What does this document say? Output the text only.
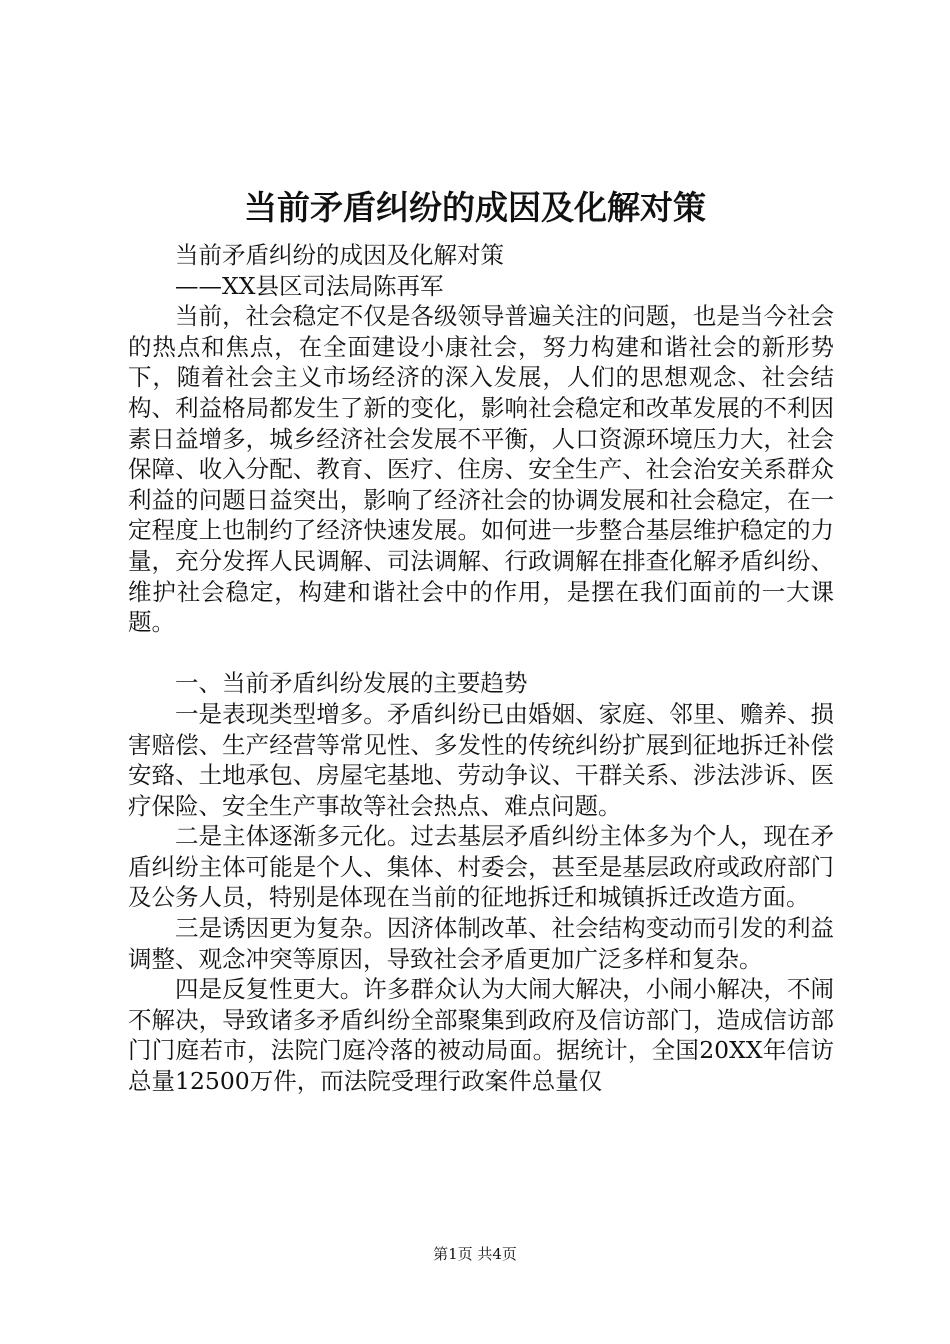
当前矛盾纠纷的成因及化解对策

当前矛盾纠纷的成因及化解对策

——XX县区司法局陈再军

当前，社会稳定不仅是各级领导普遍关注的问题，也是当今社会的热点和焦点，在全面建设小康社会，努力构建和谐社会的新形势下，随着社会主义市场经济的深入发展，人们的思想观念、社会结构、利益格局都发生了新的变化，影响社会稳定和改革发展的不利因素日益增多，城乡经济社会发展不平衡，人口资源环境压力大，社会保障、收入分配、教育、医疗、住房、安全生产、社会治安关系群众利益的问题日益突出，影响了经济社会的协调发展和社会稳定，在一定程度上也制约了经济快速发展。如何进一步整合基层维护稳定的力量，充分发挥人民调解、司法调解、行政调解在排查化解矛盾纠纷、维护社会稳定，构建和谐社会中的作用，是摆在我们面前的一大课题。

一、当前矛盾纠纷发展的主要趋势

一是表现类型增多。矛盾纠纷已由婚姻、家庭、邻里、赡养、损害赔偿、生产经营等常见性、多发性的传统纠纷扩展到征地拆迁补偿安臵、土地承包、房屋宅基地、劳动争议、干群关系、涉法涉诉、医疗保险、安全生产事故等社会热点、难点问题。

二是主体逐渐多元化。过去基层矛盾纠纷主体多为个人，现在矛盾纠纷主体可能是个人、集体、村委会，甚至是基层政府或政府部门及公务人员，特别是体现在当前的征地拆迁和城镇拆迁改造方面。

三是诱因更为复杂。因济体制改革、社会结构变动而引发的利益调整、观念冲突等原因，导致社会矛盾更加广泛多样和复杂。

四是反复性更大。许多群众认为大闹大解决，小闹小解决，不闹不解决，导致诸多矛盾纠纷全部聚集到政府及信访部门，造成信访部门门庭若市，法院门庭冷落的被动局面。据统计，全国20XX年信访总量12500万件，而法院受理行政案件总量仅

第1页 共4页
